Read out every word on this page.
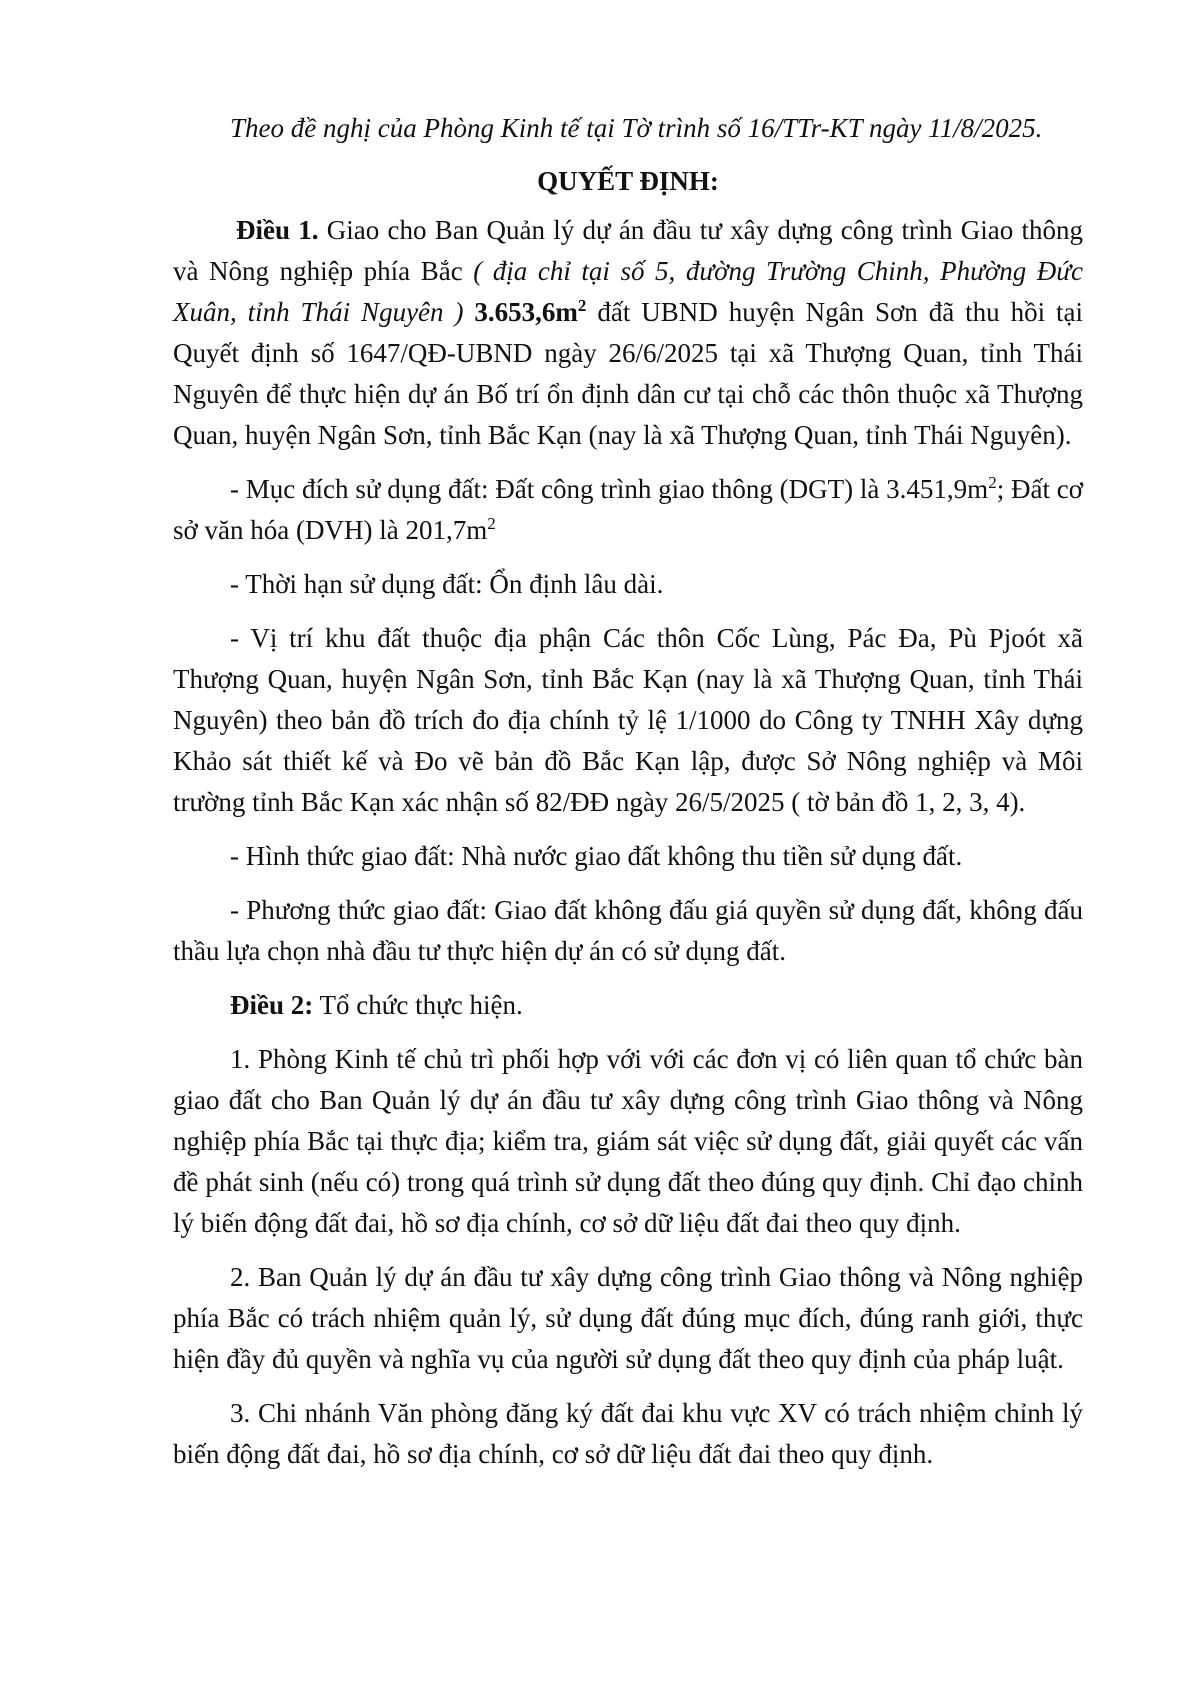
Theo đề nghị của Phòng Kinh tế tại Tờ trình số 16/TTr-KT ngày 11/8/2025.

QUYẾT ĐỊNH:

Điều 1. Giao cho Ban Quản lý dự án đầu tư xây dựng công trình Giao thông và Nông nghiệp phía Bắc ( địa chỉ tại số 5, đường Trường Chinh, Phường Đức Xuân, tỉnh Thái Nguyên ) $3.653,6m^2$ đất UBND huyện Ngân Sơn đã thu hồi tại Quyết định số 1647/QĐ-UBND ngày 26/6/2025 tại xã Thượng Quan, tỉnh Thái Nguyên để thực hiện dự án Bố trí ổn định dân cư tại chỗ các thôn thuộc xã Thượng Quan, huyện Ngân Sơn, tỉnh Bắc Kạn (nay là xã Thượng Quan, tỉnh Thái Nguyên).

- Mục đích sử dụng đất: Đất công trình giao thông (DGT) là $3.451,9m^2$; Đất cơ sở văn hóa (DVH) là $201,7m^2$

- Thời hạn sử dụng đất: Ổn định lâu dài.

- Vị trí khu đất thuộc địa phận Các thôn Cốc Lùng, Pác Đa, Pù Pjoót xã Thượng Quan, huyện Ngân Sơn, tỉnh Bắc Kạn (nay là xã Thượng Quan, tỉnh Thái Nguyên) theo bản đồ trích đo địa chính tỷ lệ 1/1000 do Công ty TNHH Xây dựng Khảo sát thiết kế và Đo vẽ bản đồ Bắc Kạn lập, được Sở Nông nghiệp và Môi trường tỉnh Bắc Kạn xác nhận số 82/ĐĐ ngày 26/5/2025 ( tờ bản đồ 1, 2, 3, 4).

- Hình thức giao đất: Nhà nước giao đất không thu tiền sử dụng đất.

- Phương thức giao đất: Giao đất không đấu giá quyền sử dụng đất, không đấu thầu lựa chọn nhà đầu tư thực hiện dự án có sử dụng đất.

Điều 2: Tổ chức thực hiện.

1. Phòng Kinh tế chủ trì phối hợp với với các đơn vị có liên quan tổ chức bàn giao đất cho Ban Quản lý dự án đầu tư xây dựng công trình Giao thông và Nông nghiệp phía Bắc tại thực địa; kiểm tra, giám sát việc sử dụng đất, giải quyết các vấn đề phát sinh (nếu có) trong quá trình sử dụng đất theo đúng quy định. Chỉ đạo chỉnh lý biến động đất đai, hồ sơ địa chính, cơ sở dữ liệu đất đai theo quy định.

2. Ban Quản lý dự án đầu tư xây dựng công trình Giao thông và Nông nghiệp phía Bắc có trách nhiệm quản lý, sử dụng đất đúng mục đích, đúng ranh giới, thực hiện đầy đủ quyền và nghĩa vụ của người sử dụng đất theo quy định của pháp luật.

3. Chi nhánh Văn phòng đăng ký đất đai khu vực XV có trách nhiệm chỉnh lý biến động đất đai, hồ sơ địa chính, cơ sở dữ liệu đất đai theo quy định.
